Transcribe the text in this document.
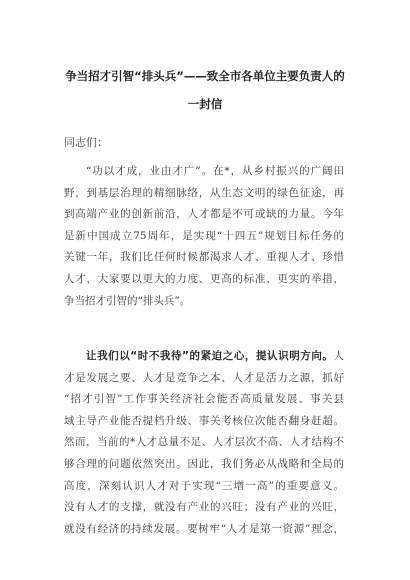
争当招才引智“排头兵”——致全市各单位主要负责人的
一封信

同志们：

“功以才成，业由才广”。在*，从乡村振兴的广阔田
野，到基层治理的精细脉络，从生态文明的绿色征途，再
到高端产业的创新前沿，人才都是不可或缺的力量。今年
是新中国成立75周年，是实现“十四五”规划目标任务的
关键一年，我们比任何时候都渴求人才、重视人才、珍惜
人才，大家要以更大的力度、更高的标准、更实的举措，
争当招才引智的“排头兵”。

让我们以“时不我待”的紧迫之心，提认识明方向。人
才是发展之要、人才是竞争之本、人才是活力之源，抓好
“招才引智”工作事关经济社会能否高质量发展、事关县
域主导产业能否提档升级、事关考核位次能否翻身赶超。
然而，当前的*人才总量不足、人才层次不高、人才结构不
够合理的问题依然突出。因此，我们务必从战略和全局的
高度，深刻认识人才对于实现“三增一高”的重要意义。
没有人才的支撑，就没有产业的兴旺；没有产业的兴旺，
就没有经济的持续发展。要树牢“人才是第一资源”理念，
